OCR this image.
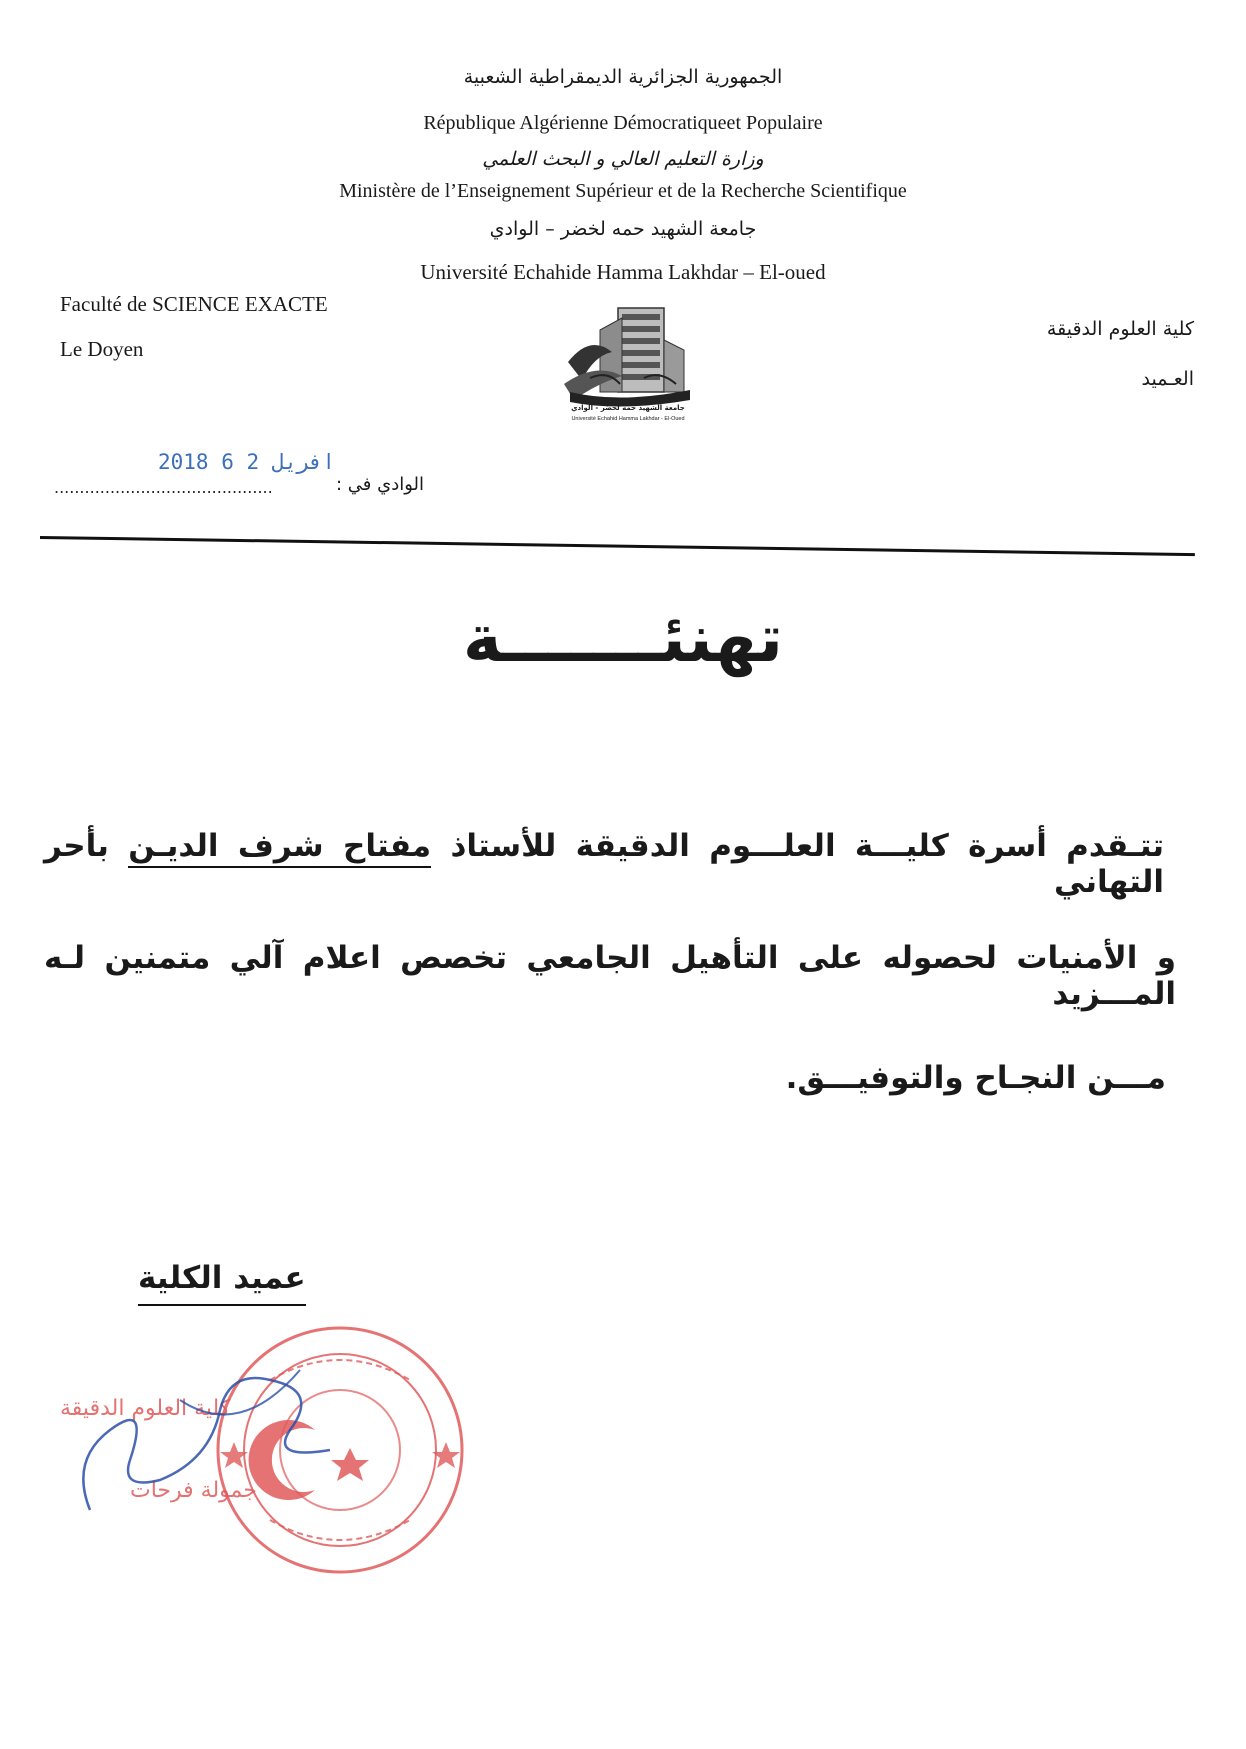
الجمهورية الجزائرية الديمقراطية الشعبية
République Algérienne Démocratiqueet Populaire
وزارة التعليم العالي و البحث العلمي
Ministère de l’Enseignement Supérieur et de la Recherche Scientifique
جامعة الشهيد حمه لخضر – الوادي
Université Echahide Hamma Lakhdar – El-oued
Faculté de SCIENCE EXACTE
Le Doyen
كلية العلوم الدقيقة
العـميد
جامعة الشهيد حمه لخضر - الوادي
Université Echahid Hamma Lakhdar - El-Oued
...........................................	الوادي في :
2018 افريل 2 6
تهنئـــــــة
تتـقدم أسرة كليـــة العلـــوم الدقيقة للأستاذ مفتاح شرف الديـن بأحر التهاني
و الأمنيات لحصوله على التأهيل الجامعي تخصص اعلام آلي متمنين لـه المـــزيد
مـــن النجـاح والتوفيـــق.
عميد الكلية
كلية العلوم الدقيقة
جمولة فرحات
